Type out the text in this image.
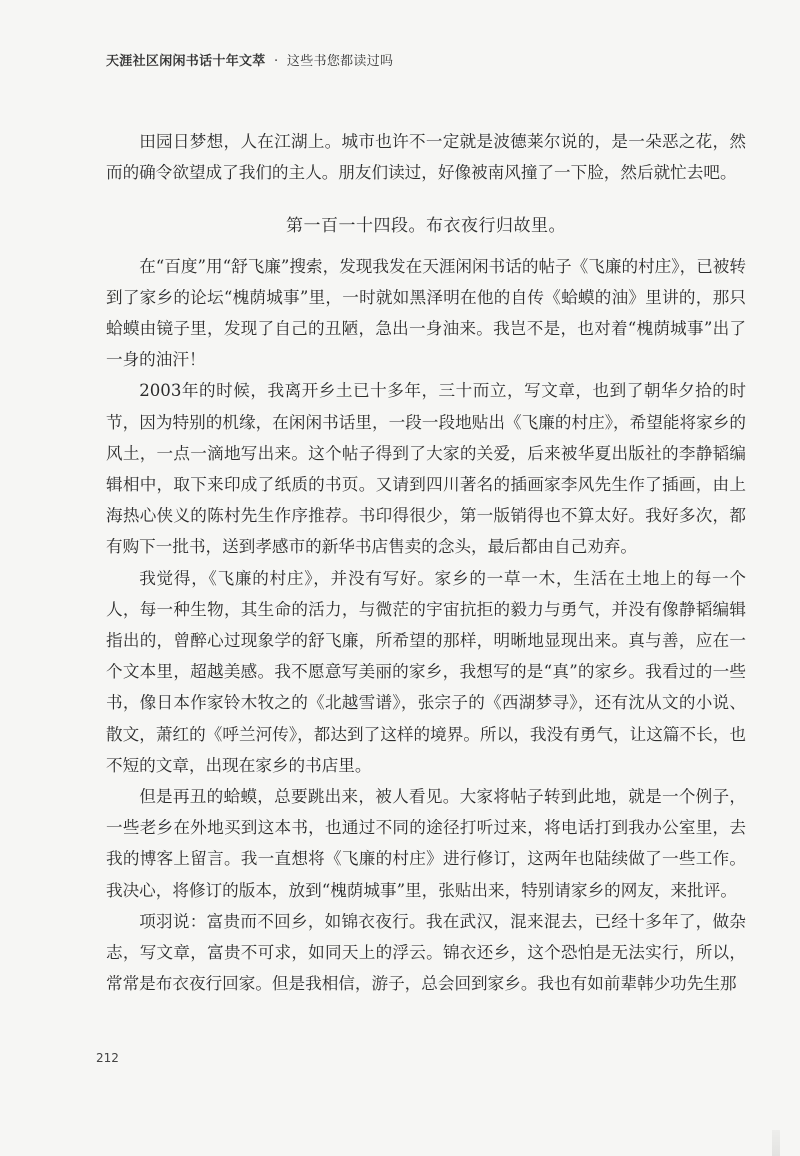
天涯社区闲闲书话十年文萃 · 这些书您都读过吗

田园日梦想，人在江湖上。城市也许不一定就是波德莱尔说的，是一朵恶之花，然而的确令欲望成了我们的主人。朋友们读过，好像被南风撞了一下脸，然后就忙去吧。

第一百一十四段。布衣夜行归故里。

在“百度”用“舒飞廉”搜索，发现我发在天涯闲闲书话的帖子《飞廉的村庄》，已被转到了家乡的论坛“槐荫城事”里，一时就如黑泽明在他的自传《蛤蟆的油》里讲的，那只蛤蟆由镜子里，发现了自己的丑陋，急出一身油来。我岂不是，也对着“槐荫城事”出了一身的油汗！

2003年的时候，我离开乡土已十多年，三十而立，写文章，也到了朝华夕拾的时节，因为特别的机缘，在闲闲书话里，一段一段地贴出《飞廉的村庄》，希望能将家乡的风土，一点一滴地写出来。这个帖子得到了大家的关爱，后来被华夏出版社的李静韬编辑相中，取下来印成了纸质的书页。又请到四川著名的插画家李风先生作了插画，由上海热心侠义的陈村先生作序推荐。书印得很少，第一版销得也不算太好。我好多次，都有购下一批书，送到孝感市的新华书店售卖的念头，最后都由自己劝弃。

我觉得，《飞廉的村庄》，并没有写好。家乡的一草一木，生活在土地上的每一个人，每一种生物，其生命的活力，与微茫的宇宙抗拒的毅力与勇气，并没有像静韬编辑指出的，曾醉心过现象学的舒飞廉，所希望的那样，明晰地显现出来。真与善，应在一个文本里，超越美感。我不愿意写美丽的家乡，我想写的是“真”的家乡。我看过的一些书，像日本作家铃木牧之的《北越雪谱》，张宗子的《西湖梦寻》，还有沈从文的小说、散文，萧红的《呼兰河传》，都达到了这样的境界。所以，我没有勇气，让这篇不长，也不短的文章，出现在家乡的书店里。

但是再丑的蛤蟆，总要跳出来，被人看见。大家将帖子转到此地，就是一个例子，一些老乡在外地买到这本书，也通过不同的途径打听过来，将电话打到我办公室里，去我的博客上留言。我一直想将《飞廉的村庄》进行修订，这两年也陆续做了一些工作。我决心，将修订的版本，放到“槐荫城事”里，张贴出来，特别请家乡的网友，来批评。

项羽说：富贵而不回乡，如锦衣夜行。我在武汉，混来混去，已经十多年了，做杂志，写文章，富贵不可求，如同天上的浮云。锦衣还乡，这个恐怕是无法实行，所以，常常是布衣夜行回家。但是我相信，游子，总会回到家乡。我也有如前辈韩少功先生那

212
